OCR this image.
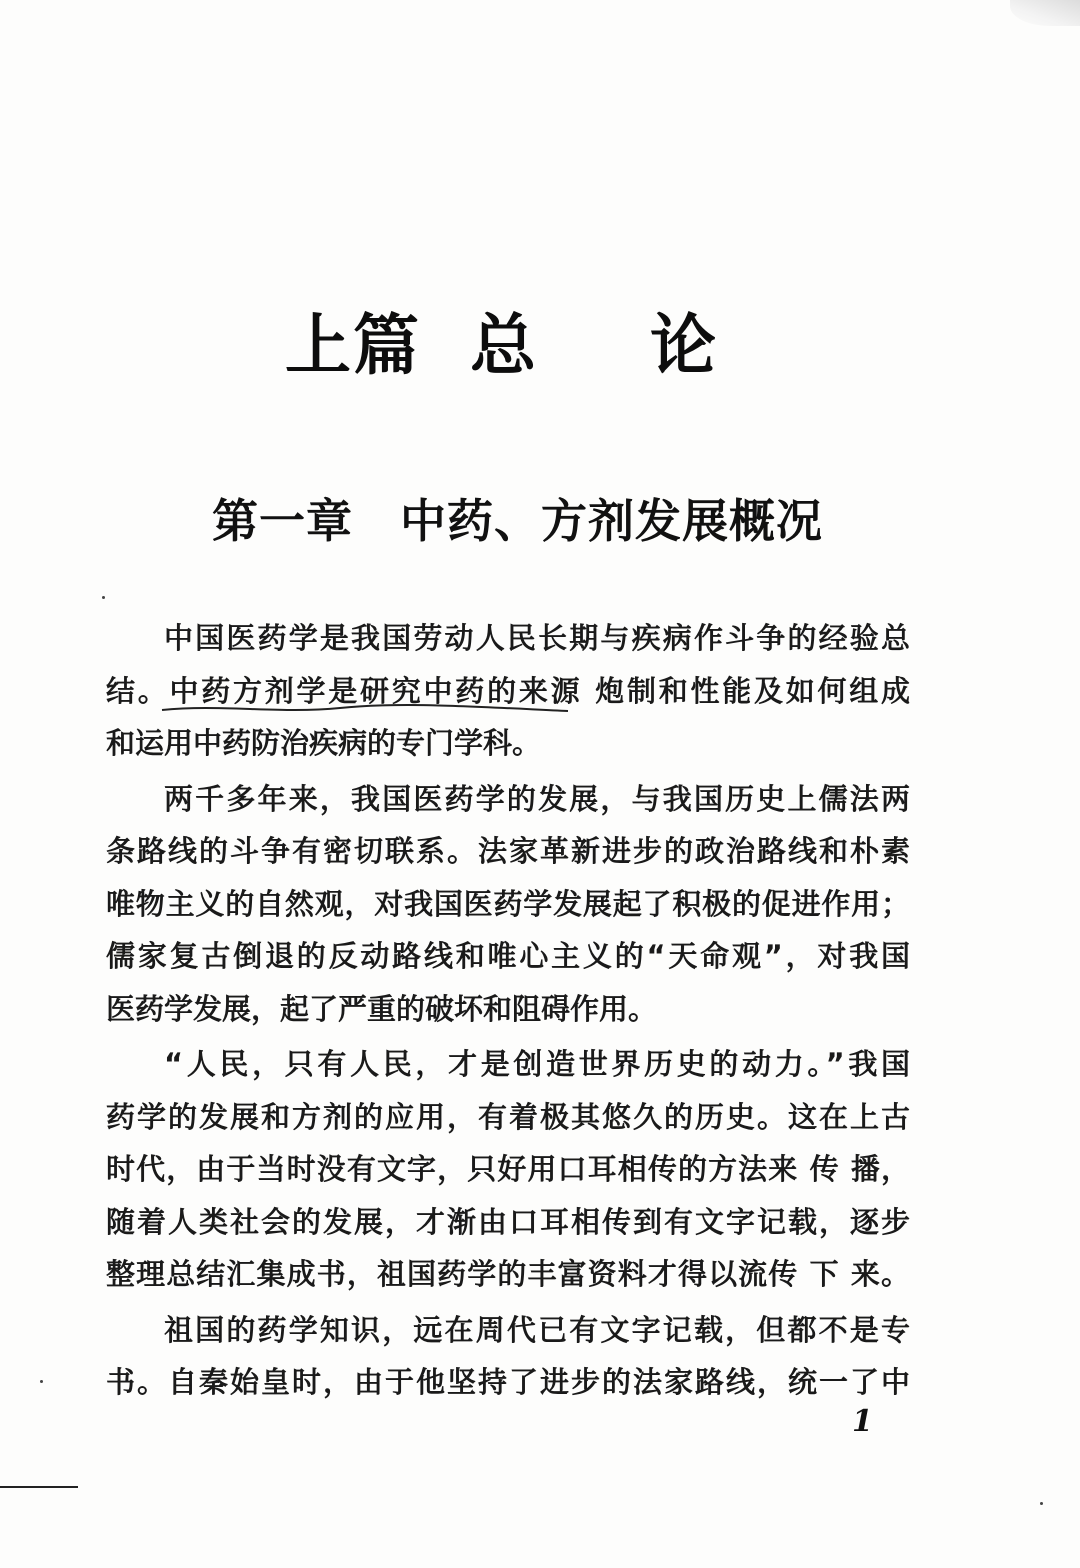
上篇 总 论
第一章 中药、方剂发展概况
中国医药学是我国劳动人民长期与疾病作斗争的经验总
结。中药方剂学是研究中药的来源 炮制和性能及如何组成
和运用中药防治疾病的专门学科。
两千多年来，我国医药学的发展，与我国历史上儒法两
条路线的斗争有密切联系。法家革新进步的政治路线和朴素
唯物主义的自然观，对我国医药学发展起了积极的促进作用；
儒家复古倒退的反动路线和唯心主义的“天命观”，对我国
医药学发展，起了严重的破坏和阻碍作用。
“人民，只有人民，才是创造世界历史的动力。”我国
药学的发展和方剂的应用，有着极其悠久的历史。这在上古
时代，由于当时没有文字，只好用口耳相传的方法来 传 播，
随着人类社会的发展，才渐由口耳相传到有文字记载，逐步
整理总结汇集成书，祖国药学的丰富资料才得以流传 下 来。
祖国的药学知识，远在周代已有文字记载，但都不是专
书。自秦始皇时，由于他坚持了进步的法家路线，统一了中
1
